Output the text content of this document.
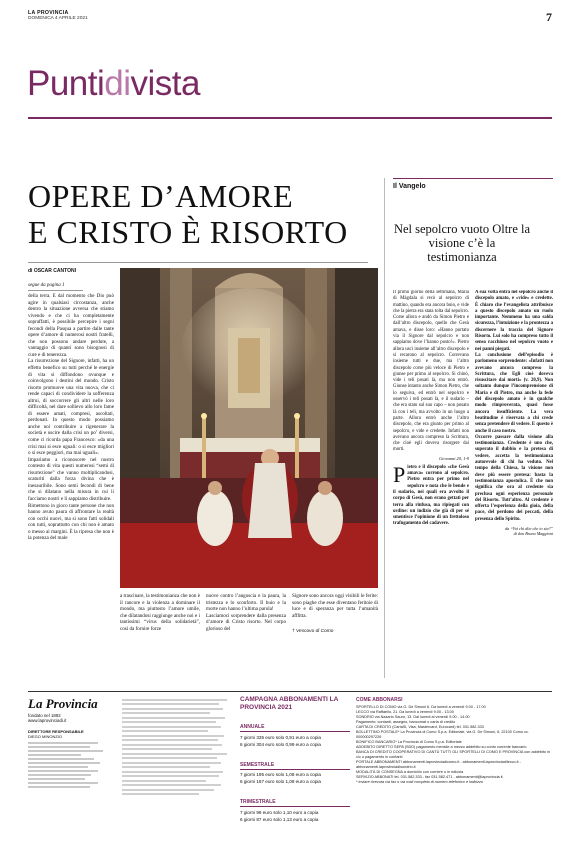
LA PROVINCIA
DOMENICA 4 APRILE 2021	7
Puntidivista
OPERE D’AMORE
E CRISTO È RISORTO
di OSCAR CANTONI
segue da pagina 1

della terra. E dal momento che Dio può agire in qualsiasi circostanza, anche dentro la situazione avversa che stiamo vivendo e che ci ha completamente sopraffatti, è possibile percepire i segni fecondi della Pasqua a partire dalle tante opere d’amore di numerosi nostri fratelli, che non possono andare perdute, a vantaggio di quanti sono bisognosi di cure e di tenerezza.
La risurrezione del Signore, infatti, ha un effetto benefico su tutti perché le energie di vita si diffondono ovunque e coinvolgono i destini del mondo. Cristo risorto promuove una vita nuova, che ci rende capaci di condividere la sofferenza altrui, di soccorrere gli altri nelle loro difficoltà, nel dare sollievo allo loro fame di essere amati, compresi, ascoltati, perdonati. In questo modo possiamo anche noi contribuire a rigenerare la società e uscire dalla crisi un po’ diversi, come ci ricorda papa Francesco: «da una crisi mai si esce uguali: o si esce migliori o si esce peggiori, ma mai uguali».
Impariamo a riconoscere nel nostro contesto di vita questi numerosi “semi di risurrezione” che vanno moltiplicandosi, scaturiti dalla forza divina che è inesauribile. Sono semi fecondi di bene che si dilatano nella misura in cui li facciamo nostri e li sappiamo distribuire.
Rimettono in gioco tante persone che non hanno avuto paura di affrontare la realtà con occhi nuovi, ma si sono fatti solidali con tutti, soprattutto con chi non è amato o messo ai margini. È la ripresa che non è la potenza del male

a trascinare, la testimonianza che non è il rancore e la violenza a dominare il mondo, ma piuttosto l’amore umile, che dilatandosi raggiunge anche noi e i tantissimi “virus della solidarietà”, così da fornire forze

nuove contro l’angoscia e la paura, la tristezza e lo sconforto. Il buio e la morte non hanno l’ultima parola!
Lasciamoci sorprendere dalla presenza d’amore di Cristo risorto. Nel corpo glorioso del

Signore sono ancora oggi visibili le ferite: sono piaghe che esse diventano feritoie di luce e di speranza per tutta l’umanità afflitta.

† Vescovo di Como
Il Vangelo
Nel sepolcro vuoto Oltre la visione c’è la testimonianza

Il primo giorno della settimana, Maria di Màgdala si recò al sepolcro di mattino, quando era ancora buio, e vide che la pietra era stata tolta dal sepolcro. Corse allora e andò da Simon Pietro e dall’altro discepolo, quello che Gesù amava, e disse loro: «Hanno portato via il Signore dal sepolcro e non sappiamo dove l’hanno posto!». Pietro allora uscì insieme all’altro discepolo e si recarono al sepolcro. Correvano insieme tutti e due, ma l’altro discepolo corse più veloce di Pietro e giunse per primo al sepolcro. Si chinò, vide i teli posati là, ma non entrò. Giunse intanto anche Simon Pietro, che lo seguiva, ed entrò nel sepolcro e osservò i teli posati là, e il sudario – che era stato sul suo capo – non posato là con i teli, ma avvolto in un luogo a parte. Allora entrò anche l’altro discepolo, che era giunto per primo al sepolcro, e vide e credette. Infatti non avevano ancora compreso la Scrittura, che cioè egli doveva risorgere dai morti.

Giovanni 20, 1-9
P ietro e il discepolo «che Gesù amava» corrono al sepolcro. Pietro entra per primo nel sepolcro e nota che le bende e il sudario, nei quali era avvolto il corpo di Gesù, non erano gettati per terra alla rinfusa, ma ripiegati con ordine: un indizio che già di per sé smentisce l’opinione di un frettoloso trafugamento del cadavere.

A sua volta entra nel sepolcro anche il discepolo amato, e «vide» e credette. È chiaro che l’evangelista attribuisce a questo discepolo amato un ruolo importante. Nemmeno ha una salda sicurezza, l’intuizione e la prontezza a discernere la traccia del Signore Risorto. Lui solo ha compreso tutto il senso racchiuso nel sepolcro vuoto e nei panni piegati.
La conclusione dell’episodio è parlomeno sorprendente: «Infatti non avevano ancora compreso la Scrittura, che Egli cioè doveva risuscitare dai morti» (v. 20,9). Non soltanto dunque l’incomprensione di Maria e di Pietro, ma anche la fede del discepolo amato è in qualche modo rimproverata, quasi fosse ancora insufficiente. La vera beatitudine è riservata a chi crede senza pretendere di vedere. E questo è anche il caso nostro.
Occorre passare dalla visione alla testimonianza. Credente è uno che, superato il dubbio e la pretesa di vedere, accetta la testimonianza autorevole di chi ha veduto. Nel tempo della Chiesa, la visione non deve più essere pretesa: basta la testimonianza apostolica. È che non significa che ora al credente sia preclusa ogni esperienza personale del Risorto. Tutt’altro. Al credente è offerta l’esperienza della gioia, della pace, del perdono dei peccati, della presenza dello Spirito.

da “Voi chi dite che io sia?”
di don Bruno Maggioni
La Provincia
fondato nel 1892
www.laprovinciadi.it
DIRETTORE RESPONSABILE
DIEGO MINONZIO
CAMPAGNA ABBONAMENTI LA PROVINCIA 2021
ANNUALE
7 giorni 335 euro solo 0,91 euro a copia
6 giorni 304 euro solo 0,99 euro a copia
SEMESTRALE
7 giorni 195 euro solo 1,08 euro a copia
6 giorni 167 euro solo 1,08 euro a copia
TRIMESTRALE
7 giorni 99 euro solo 1,10 euro a copia
6 giorni 87 euro solo 1,13 euro a copia
COME ABBONARSI
SPORTELLO DI COMO via G. De Simoni 6. Da lunedì a venerdì 9.00 - 17.00
LECCO via Raffaello, 21. Da lunedì a venerdì 9.00 - 13.00
SONDRIO via Nazario Sauro, 13. Dal lunedì al venerdì 9.00 - 14.00
Pagamento: contanti, assegno, bancomat o carta di credito
CARTA DI CREDITO (CartaSi, Visa, Mastercard, Eurocard) tel. 031.582.333
BOLLETTINO POSTALE* La Provincia di Como S.p.a. Editoriale, via G. De Simoni, 6, 22100 Como cc. 000000297226
BONIFICO BANCARIO* La Provincia di Como S.p.a. Editoriale
ADDEBITO DIRETTO SEPA (SDD) pagamento mensile a mezzo addebito su conto corrente bancario
BANCA DI CREDITO COOPERATIVO DI CANTÙ TUTTI GLI SPORTELLI DI COMO E PROVINCIA con addebito in c/c o pagamento in contanti
PORTALE ABBONAMENTI abbonamenti.laprovinciadicomo.it - abbonamenti.laprovinciadilecco.it - abbonamenti.laprovinciadisondrio.it
MODALITÀ DI CONSEGNA a domicilio con corriere o in edicola
SERVIZIO ABBONATI tel. 031.582.333 - fax 031.582.471 - abbonamenti@laprovincia.it
* inviare ricevuta via fax o via mail completa di numero telefonico e indirizzo
